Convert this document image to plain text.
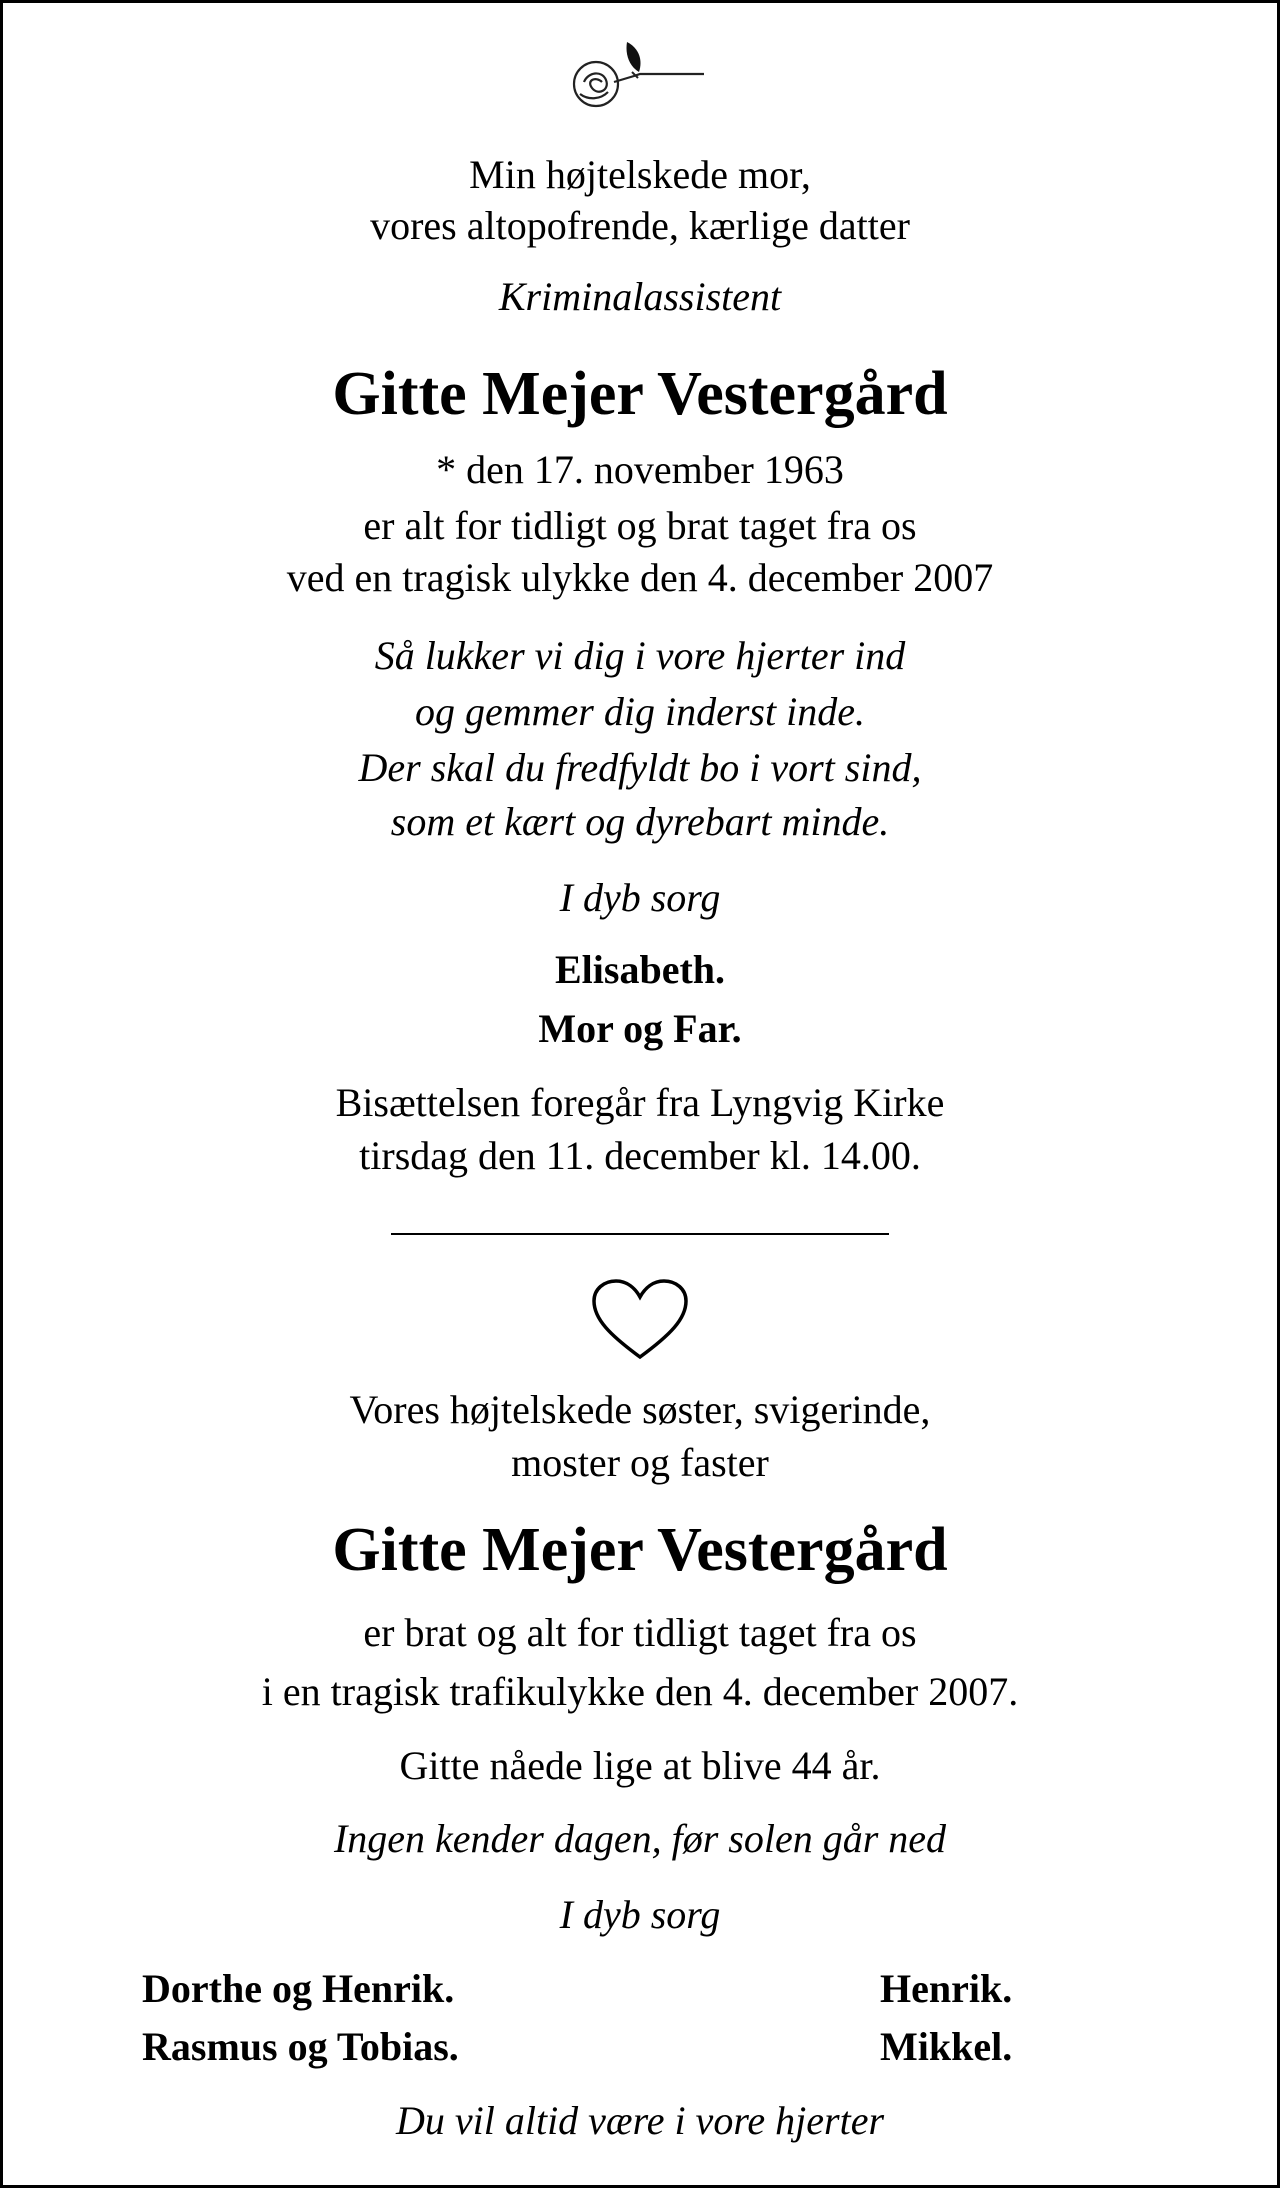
Min højtelskede mor,
vores altopofrende, kærlige datter
Kriminalassistent
Gitte Mejer Vestergård
* den 17. november 1963
er alt for tidligt og brat taget fra os
ved en tragisk ulykke den 4. december 2007
Så lukker vi dig i vore hjerter ind
og gemmer dig inderst inde.
Der skal du fredfyldt bo i vort sind,
som et kært og dyrebart minde.
I dyb sorg
Elisabeth.
Mor og Far.
Bisættelsen foregår fra Lyngvig Kirke
tirsdag den 11. december kl. 14.00.
Vores højtelskede søster, svigerinde,
moster og faster
Gitte Mejer Vestergård
er brat og alt for tidligt taget fra os
i en tragisk trafikulykke den 4. december 2007.
Gitte nåede lige at blive 44 år.
Ingen kender dagen, før solen går ned
I dyb sorg
Dorthe og Henrik.
Rasmus og Tobias.
Henrik.
Mikkel.
Du vil altid være i vore hjerter
